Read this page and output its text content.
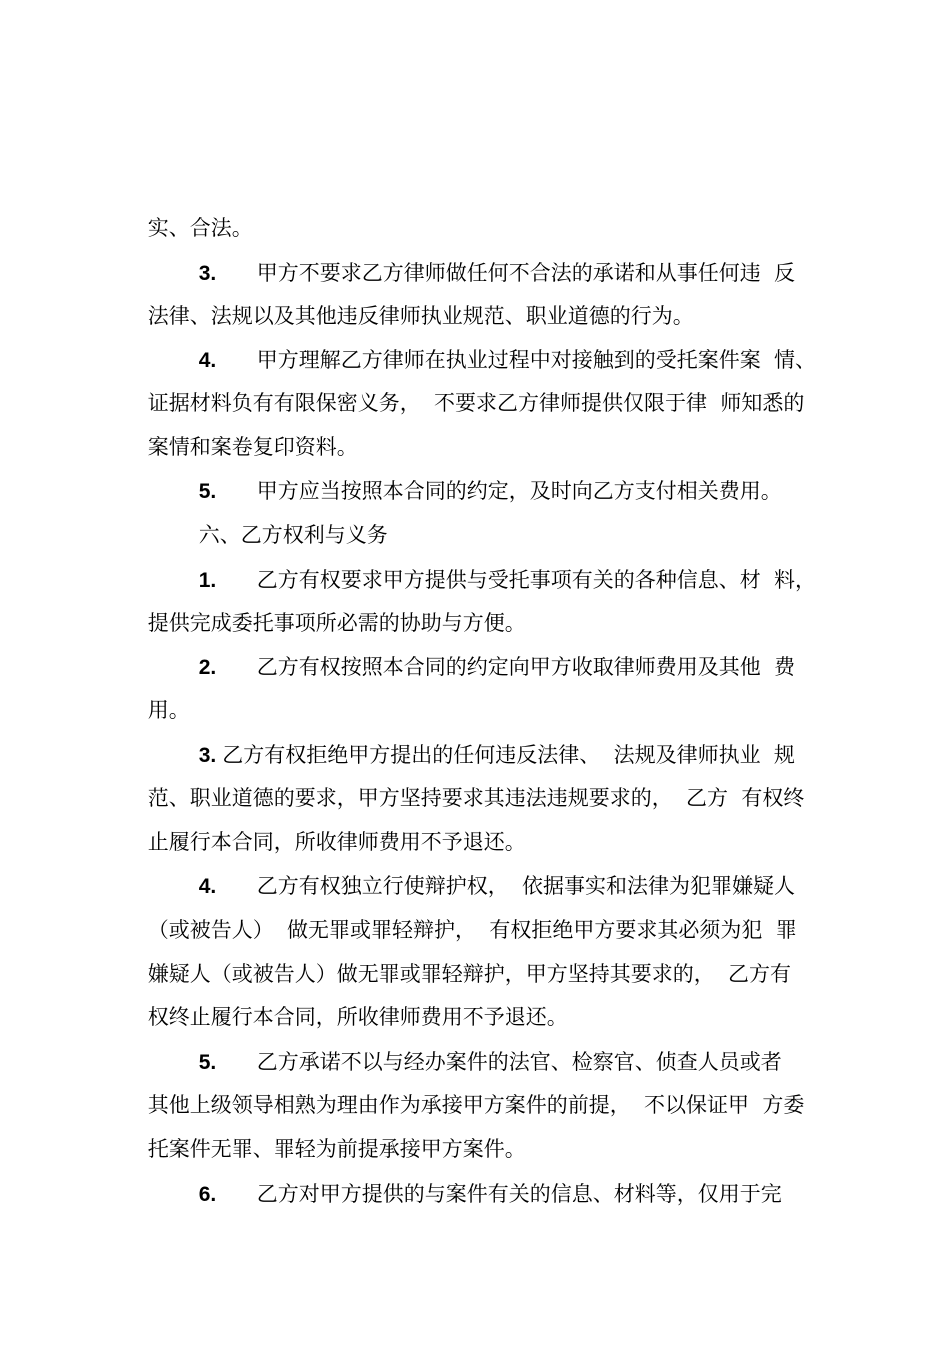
实、合法。

3. 甲方不要求乙方律师做任何不合法的承诺和从事任何违  反

法律、法规以及其他违反律师执业规范、职业道德的行为。

4. 甲方理解乙方律师在执业过程中对接触到的受托案件案  情、

证据材料负有有限保密义务，  不要求乙方律师提供仅限于律  师知悉的

案情和案卷复印资料。

5. 甲方应当按照本合同的约定，及时向乙方支付相关费用。

六、乙方权利与义务

1. 乙方有权要求甲方提供与受托事项有关的各种信息、材  料，

提供完成委托事项所必需的协助与方便。

2. 乙方有权按照本合同的约定向甲方收取律师费用及其他  费

用。

3. 乙方有权拒绝甲方提出的任何违反法律、  法规及律师执业  规

范、职业道德的要求，甲方坚持要求其违法违规要求的，  乙方  有权终

止履行本合同，所收律师费用不予退还。

4. 乙方有权独立行使辩护权，  依据事实和法律为犯罪嫌疑人

（或被告人）  做无罪或罪轻辩护，  有权拒绝甲方要求其必须为犯  罪

嫌疑人（或被告人）做无罪或罪轻辩护，甲方坚持其要求的，  乙方有

权终止履行本合同，所收律师费用不予退还。

5. 乙方承诺不以与经办案件的法官、检察官、侦查人员或者

其他上级领导相熟为理由作为承接甲方案件的前提，  不以保证甲  方委

托案件无罪、罪轻为前提承接甲方案件。

6. 乙方对甲方提供的与案件有关的信息、材料等，仅用于完
